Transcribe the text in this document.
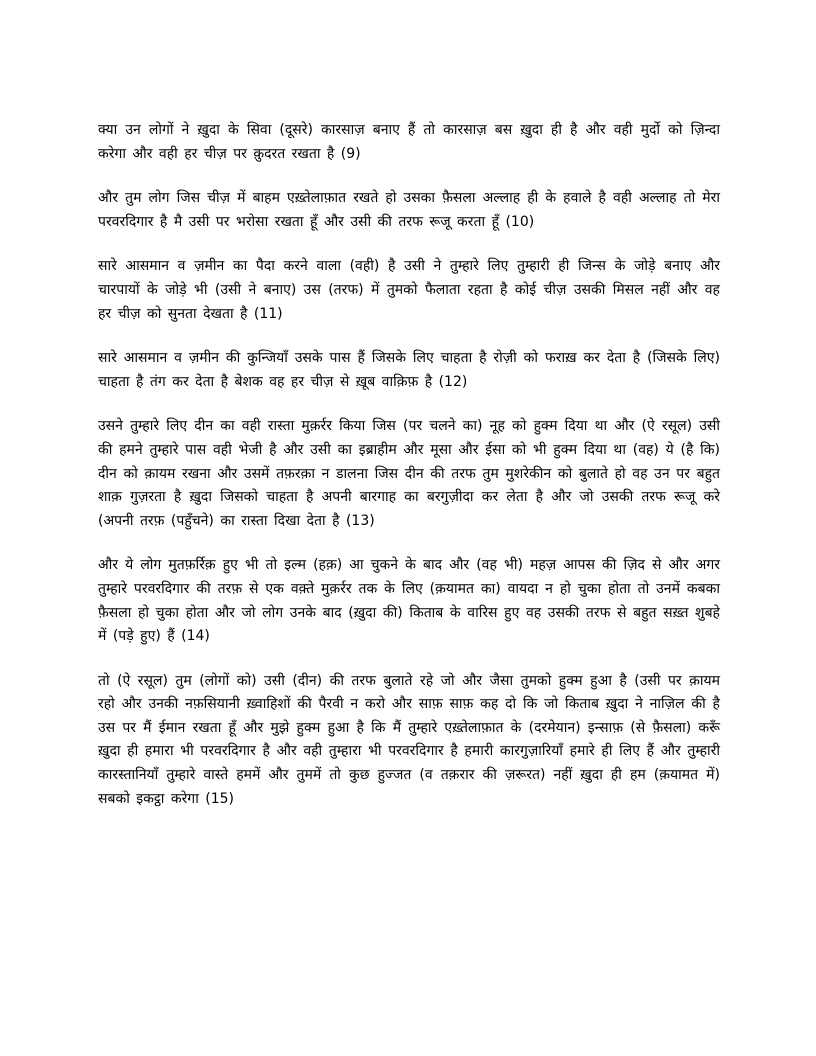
क्या उन लोगों ने ख़ुदा के सिवा (दूसरे) कारसाज़ बनाए हैं तो कारसाज़ बस ख़ुदा ही है और वही मुर्दो को ज़िन्दा करेगा और वही हर चीज़ पर क़ुदरत रखता है (9)

और तुम लोग जिस चीज़ में बाहम एख़्तेलाफ़ात रखते हो उसका फ़ैसला अल्लाह ही के हवाले है वही अल्लाह तो मेरा परवरदिगार है मै उसी पर भरोसा रखता हूँ और उसी की तरफ रूजू करता हूँ (10)

सारे आसमान व ज़मीन का पैदा करने वाला (वही) है उसी ने तुम्हारे लिए तुम्हारी ही जिन्स के जोड़े बनाए और चारपायों के जोड़े भी (उसी ने बनाए) उस (तरफ) में तुमको फैलाता रहता है कोई चीज़ उसकी मिसल नहीं और वह हर चीज़ को सुनता देखता है (11)

सारे आसमान व ज़मीन की कुन्जियाँ उसके पास हैं जिसके लिए चाहता है रोज़ी को फराख़ कर देता है (जिसके लिए) चाहता है तंग कर देता है बेशक वह हर चीज़ से ख़ूब वाक़िफ़ है (12)

उसने तुम्हारे लिए दीन का वही रास्ता मुक़र्रर किया जिस (पर चलने का) नूह को हुक्म दिया था और (ऐ रसूल) उसी की हमने तुम्हारे पास वही भेजी है और उसी का इब्राहीम और मूसा और ईसा को भी हुक्म दिया था (वह) ये (है कि) दीन को क़ायम रखना और उसमें तफ़रक़ा न डालना जिस दीन की तरफ तुम मुशरेकीन को बुलाते हो वह उन पर बहुत शाक़ गुज़रता है ख़ुदा जिसको चाहता है अपनी बारगाह का बरगुज़ीदा कर लेता है और जो उसकी तरफ रूजू करे (अपनी तरफ़ (पहुँचने) का रास्ता दिखा देता है (13)

और ये लोग मुतफ़र्रिक़ हुए भी तो इल्म (हक़) आ चुकने के बाद और (वह भी) महज़ आपस की ज़िद से और अगर तुम्हारे परवरदिगार की तरफ़ से एक वक़्ते मुक़र्रर तक के लिए (क़यामत का) वायदा न हो चुका होता तो उनमें कबका फ़ैसला हो चुका होता और जो लोग उनके बाद (ख़ुदा की) किताब के वारिस हुए वह उसकी तरफ से बहुत सख़्त शुबहे में (पड़े हुए) हैं (14)

तो (ऐ रसूल) तुम (लोगों को) उसी (दीन) की तरफ बुलाते रहे जो और जैसा तुमको हुक्म हुआ है (उसी पर क़ायम रहो और उनकी नफ़सियानी ख़्वाहिशों की पैरवी न करो और साफ़ साफ़ कह दो कि जो किताब ख़ुदा ने नाज़िल की है उस पर मैं ईमान रखता हूँ और मुझे हुक्म हुआ है कि मैं तुम्हारे एख़्तेलाफ़ात के (दरमेयान) इन्साफ़ (से फ़ैसला) करूँ ख़ुदा ही हमारा भी परवरदिगार है और वही तुम्हारा भी परवरदिगार है हमारी कारगुज़ारियाँ हमारे ही लिए हैं और तुम्हारी कारस्तानियाँ तुम्हारे वास्ते हममें और तुममें तो कुछ हुज्जत (व तक़रार की ज़रूरत) नहीं ख़ुदा ही हम (क़यामत में) सबको इकट्ठा करेगा (15)
